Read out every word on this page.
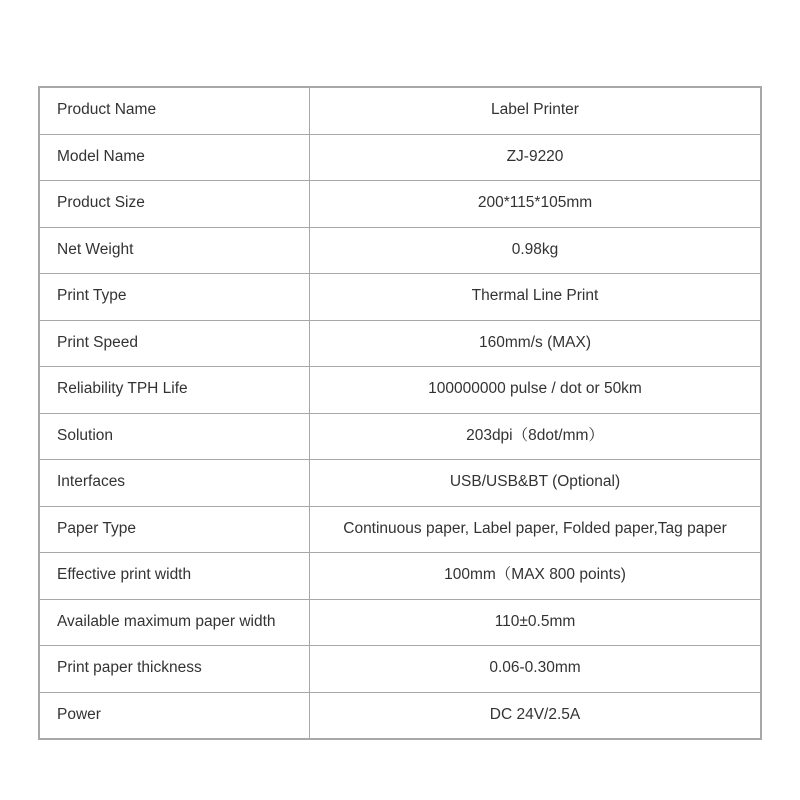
Product Name	Label Printer
Model Name	ZJ-9220
Product Size	200*115*105mm
Net Weight	0.98kg
Print Type	Thermal Line Print
Print Speed	160mm/s (MAX)
Reliability TPH Life	100000000 pulse / dot or 50km
Solution	203dpi（8dot/mm）
Interfaces	USB/USB&BT (Optional)
Paper Type	Continuous paper, Label paper, Folded paper,Tag paper
Effective print width	100mm（MAX 800 points)
Available maximum paper width	110±0.5mm
Print paper thickness	0.06-0.30mm
Power	DC 24V/2.5A
